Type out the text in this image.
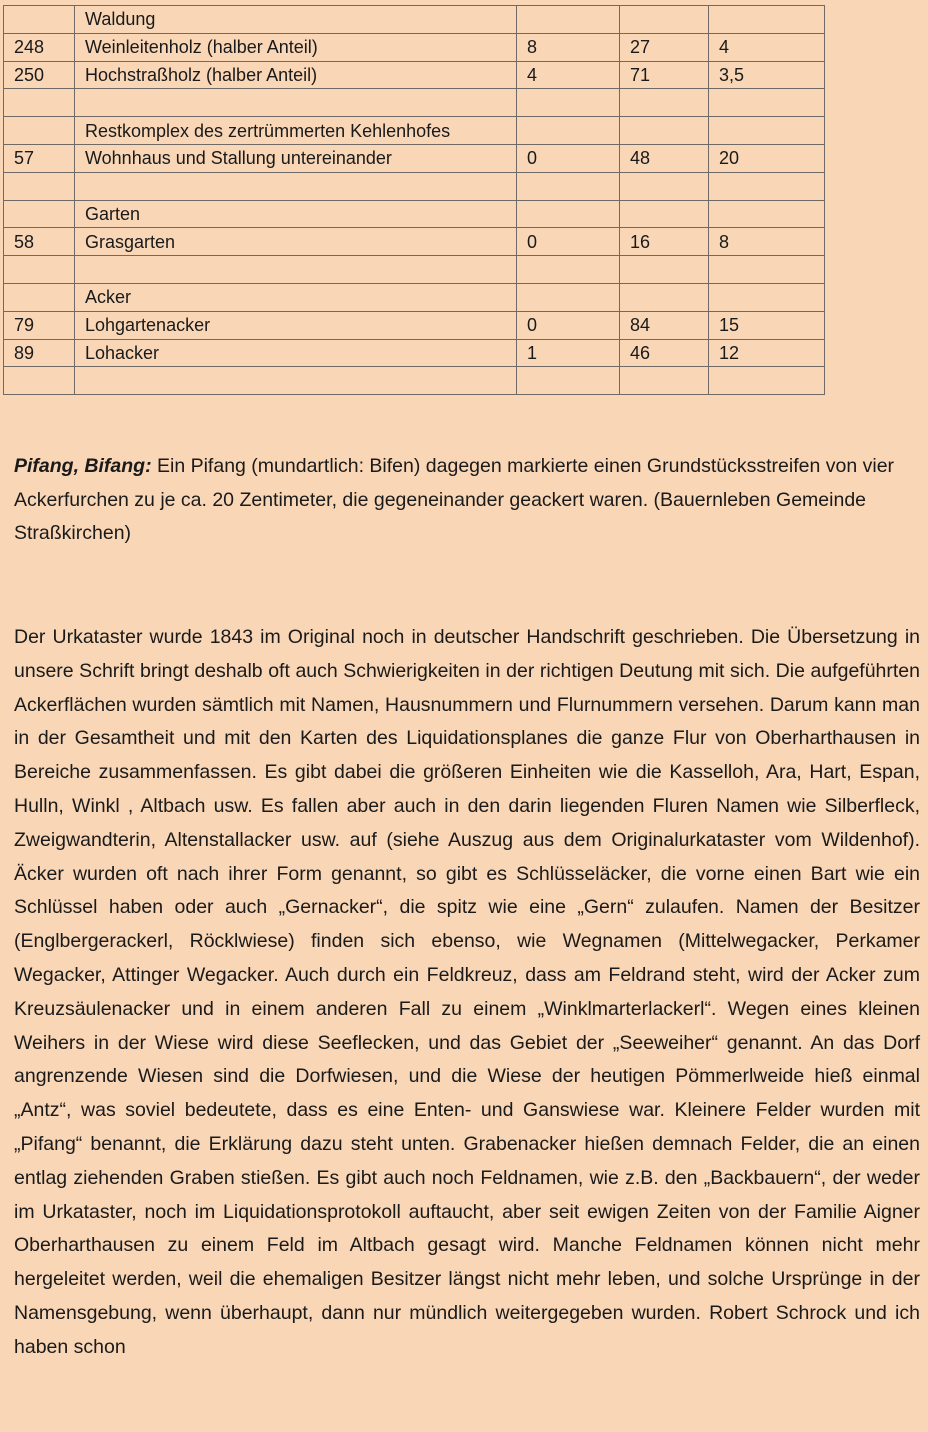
	Waldung			
248	Weinleitenholz (halber Anteil)	8	27	4
250	Hochstraßholz (halber Anteil)	4	71	3,5

	Restkomplex des zertrümmerten Kehlenhofes			
57	Wohnhaus und Stallung untereinander	0	48	20

	Garten			
58	Grasgarten	0	16	8

	Acker			
79	Lohgartenacker	0	84	15
89	Lohacker	1	46	12

Pifang, Bifang: Ein Pifang (mundartlich: Bifen) dagegen markierte einen Grundstücksstreifen von vier Ackerfurchen zu je ca. 20 Zentimeter, die gegeneinander geackert waren. (Bauernleben Gemeinde Straßkirchen)

Der Urkataster wurde 1843 im Original noch in deutscher Handschrift geschrieben. Die Übersetzung in unsere Schrift bringt deshalb oft auch Schwierigkeiten in der richtigen Deutung mit sich. Die aufgeführten Ackerflächen wurden sämtlich mit Namen, Hausnummern und Flurnummern versehen. Darum kann man in der Gesamtheit und mit den Karten des Liquidationsplanes die ganze Flur von Oberharthausen in Bereiche zusammenfassen. Es gibt dabei die größeren Einheiten wie die Kasselloh, Ara, Hart, Espan, Hulln, Winkl , Altbach usw. Es fallen aber auch in den darin liegenden Fluren Namen wie Silberfleck, Zweigwandterin, Altenstallacker usw. auf (siehe Auszug aus dem Originalurkataster vom Wildenhof). Äcker wurden oft nach ihrer Form genannt, so gibt es Schlüsseläcker, die vorne einen Bart wie ein Schlüssel haben oder auch „Gernacker“, die spitz wie eine „Gern“ zulaufen. Namen der Besitzer (Englbergerackerl, Röcklwiese) finden sich ebenso, wie Wegnamen (Mittelwegacker, Perkamer Wegacker, Attinger Wegacker. Auch durch ein Feldkreuz, dass am Feldrand steht, wird der Acker zum Kreuzsäulenacker und in einem anderen Fall zu einem „Winklmarterlackerl“. Wegen eines kleinen Weihers in der Wiese wird diese Seeflecken, und das Gebiet der „Seeweiher“ genannt. An das Dorf angrenzende Wiesen sind die Dorfwiesen, und die Wiese der heutigen Pömmerlweide hieß einmal „Antz“, was soviel bedeutete, dass es eine Enten- und Ganswiese war. Kleinere Felder wurden mit „Pifang“ benannt, die Erklärung dazu steht unten. Grabenacker hießen demnach Felder, die an einen entlag ziehenden Graben stießen. Es gibt auch noch Feldnamen, wie z.B. den „Backbauern“, der weder im Urkataster, noch im Liquidationsprotokoll auftaucht, aber seit ewigen Zeiten von der Familie Aigner Oberharthausen zu einem Feld im Altbach gesagt wird. Manche Feldnamen können nicht mehr hergeleitet werden, weil die ehemaligen Besitzer längst nicht mehr leben, und solche Ursprünge in der Namensgebung, wenn überhaupt, dann nur mündlich weitergegeben wurden. Robert Schrock und ich haben schon
